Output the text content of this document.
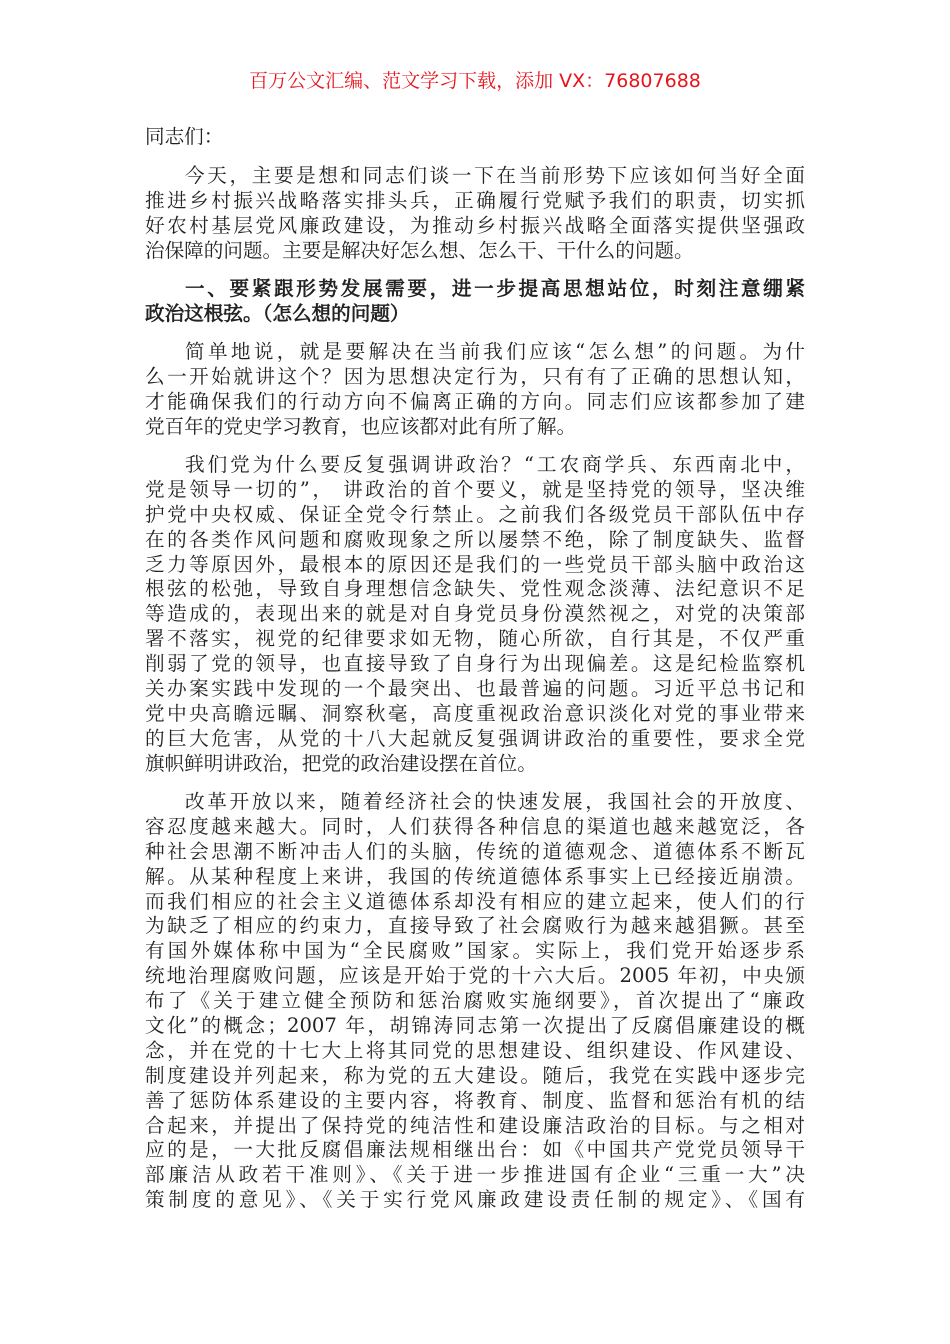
百万公文汇编、范文学习下载，添加 VX：76807688
同志们：
今天，主要是想和同志们谈一下在当前形势下应该如何当好全面
推进乡村振兴战略落实排头兵，正确履行党赋予我们的职责，切实抓
好农村基层党风廉政建设，为推动乡村振兴战略全面落实提供坚强政
治保障的问题。主要是解决好怎么想、怎么干、干什么的问题。
一、要紧跟形势发展需要，进一步提高思想站位，时刻注意绷紧
政治这根弦。（怎么想的问题）
简单地说，就是要解决在当前我们应该“怎么想”的问题。为什
么一开始就讲这个？因为思想决定行为，只有有了正确的思想认知，
才能确保我们的行动方向不偏离正确的方向。同志们应该都参加了建
党百年的党史学习教育，也应该都对此有所了解。
我们党为什么要反复强调讲政治？“工农商学兵、东西南北中，
党是领导一切的”， 讲政治的首个要义，就是坚持党的领导，坚决维
护党中央权威、保证全党令行禁止。之前我们各级党员干部队伍中存
在的各类作风问题和腐败现象之所以屡禁不绝，除了制度缺失、监督
乏力等原因外，最根本的原因还是我们的一些党员干部头脑中政治这
根弦的松弛，导致自身理想信念缺失、党性观念淡薄、法纪意识不足
等造成的，表现出来的就是对自身党员身份漠然视之，对党的决策部
署不落实，视党的纪律要求如无物，随心所欲，自行其是，不仅严重
削弱了党的领导，也直接导致了自身行为出现偏差。这是纪检监察机
关办案实践中发现的一个最突出、也最普遍的问题。习近平总书记和
党中央高瞻远瞩、洞察秋毫，高度重视政治意识淡化对党的事业带来
的巨大危害，从党的十八大起就反复强调讲政治的重要性，要求全党
旗帜鲜明讲政治，把党的政治建设摆在首位。
改革开放以来，随着经济社会的快速发展，我国社会的开放度、
容忍度越来越大。同时，人们获得各种信息的渠道也越来越宽泛，各
种社会思潮不断冲击人们的头脑，传统的道德观念、道德体系不断瓦
解。从某种程度上来讲，我国的传统道德体系事实上已经接近崩溃。
而我们相应的社会主义道德体系却没有相应的建立起来，使人们的行
为缺乏了相应的约束力，直接导致了社会腐败行为越来越猖獗。甚至
有国外媒体称中国为“全民腐败”国家。实际上，我们党开始逐步系
统地治理腐败问题，应该是开始于党的十六大后。2005 年初，中央颁
布了《关于建立健全预防和惩治腐败实施纲要》，首次提出了“廉政
文化”的概念；2007 年，胡锦涛同志第一次提出了反腐倡廉建设的概
念，并在党的十七大上将其同党的思想建设、组织建设、作风建设、
制度建设并列起来，称为党的五大建设。随后，我党在实践中逐步完
善了惩防体系建设的主要内容，将教育、制度、监督和惩治有机的结
合起来，并提出了保持党的纯洁性和建设廉洁政治的目标。与之相对
应的是，一大批反腐倡廉法规相继出台：如《中国共产党党员领导干
部廉洁从政若干准则》、《关于进一步推进国有企业“三重一大”决
策制度的意见》、《关于实行党风廉政建设责任制的规定》、《国有
